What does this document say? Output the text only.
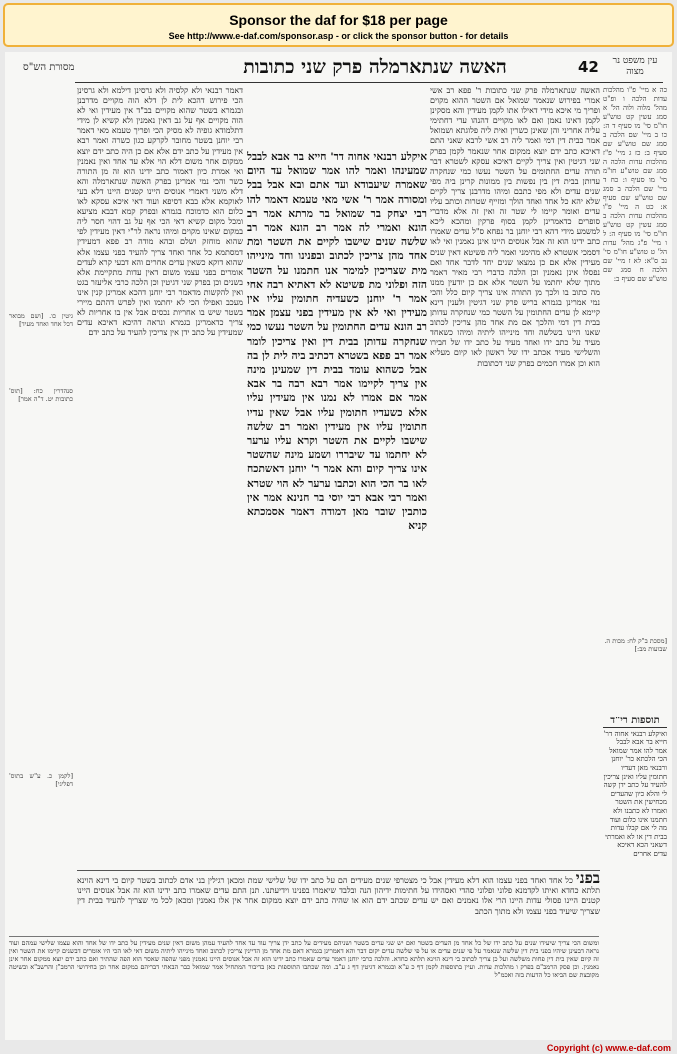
Sponsor the daf for $18 per page
See http://www.e-daf.com/sponsor.asp - or click the sponsor button - for details
42
האשה שנתארמלה פרק שני כתובות
מסורת הש"ס
עין משפט נר מצוה
האשה שנתארמלה פרק שני כתובות ר' פפא רב אשי אמרי בפירוש שנאמר שמואל אם השטר ההוא מקוים ופריך מי איכא מידי דאילו אתו לקמן מעידין והא מסקינן לקמן דאינו נאמן ואם לאו מקויים דהנהו עדי דחתימי עליה אחריני והן שאינן כשרין ואית ליה פלוגתא ושמואל אמר כבית דין דמי ואמר ליה רב אשי לרבא שאני התם דאיכא כתב ידם יוצא ממקום אחר שנאמר לקמן בפרק שני דגיטין ואין צריך לקיים דאיכא עסקא לשטרא דבר תורה עדים החתומים על השטר נעשו כמי שנחקרה עדותן בבית דין בין נפשות בין ממונות קרינן ביה מפי שנים עדים ולא מפי כתבם ומיהו מדרבנן צריך לקיים שלא יהא כל אחד ואחד הולך ומזייף שטרות וכותב עליו עדים ואומר קיימו לי שטר זה ואין זה אלא מדברי סופרים כדאמרינן לקמן בסוף פרקין ומהכא ליכא למשמע מידי דהא רבי יוחנן בר נפחא ס"ל עדים שאמרו כתב ידינו הוא זה אבל אנוסים היינו אינן נאמנין ואי לאו דסמכי אשטרא לא מהימני ואמר ליה פשיטא דאין שנים מעידין אלא אם כן נמצאו שנים יחד לדבר אחד ואם נפסלו אינן נאמנין וכן הלכה כדברי רבי מאיר דאמר מתוך שלא יחתמו על השטר אלא אם כן יודעין ממנו מה כתוב בו ולכך מן התורה אינו צריך קיום כלל והכי נמי אמרינן בגמרא בריש פרק שני דגיטין ולענין דינא קיימא לן עדים החתומין על השטר כמי שנחקרה עדותן בבית דין דמי והלכך אם מת אחד מהן צריכין לכתוב שאנו היינו בשלשה וחד מינייהו ליתיה ומיהו כשאחד מעיד על כתב ידו ואחד מעיד על כתב ידו של חבירו והשלישי מעיד אכתב ידו של ראשון לאו קיום מעליא הוא וכן אמרו חכמים בפרק שני דכתובות
איקלע רבנאי אחוה דר' חייא בר אבא לבבל שמעינהו ואמר להו אמר שמואל עד היום שאמרה שיעבודא ועד אתם ובא אבל בבל ומסורה אמר ר' אשי מאי טעמא דאמר להו רבי יצחק בר שמואל בר מרתא אמר רב הונא ואמרי לה אמר רב הונא אמר רב שלשה שנים שישבו לקיים את השטר ומת אחד מהן צריכין לכתוב ובפנינו וחד מינייהו מית שצריכין למימר אנו חתמנו על השטר הזה ופלוני מת פשיטא לא דאתיא רבה אחי אמר ר' יוחנן כשעדיה חתומין עליו אין מעידין ואי לא אין מעידין בפני עצמן אמר רב הונא עדים החתומין על השטר נעשו כמי שנחקרה עדותן בבית דין ואין צריכין לומר אמר רב פפא בשטרא דכתיב ביה לית לן בה אבל כשהוא עומד בבית דין שמעינן מינה אין צריך לקיימו אמר רבא רבה בר אבא אמר אם אמרו לא נמנו אין מעידין עליו אלא כשעדיו חתומין עליו אבל שאין עדיו חתומין עליו אין מעידין ואמר רב שלשה שישבו לקיים את השטר וקרא עליו ערער לא יחתמו עד שיבררו ושמע מינה שהשטר אינו צריך קיום והא אמר ר' יוחנן דאשתכח לאו בר הכי הוא וכתבו ערער לא הוי שטרא ואמר רבי אבא רבי יוסי בר חנינא אמר אין כותבין שובר מאן דמודה דאמר אסמכתא קניא
דאמר רבנאי ולא קלסיה ולא גרסינן דילמא ולא גרסינן הכי פירוש דהכא לית לן דלא הוה מקויים מדרבנן ובגמרא בשטר שהוא מקויים בב"ד אין מעידין ואי לא הוה מקויים אף על גב דאין נאמנין ולא קשיא לן מידי דתלמודא גופיה לא מסיק הכי ופריך טעמא מאי דאמר רבי יוחנן בשטר מחובר לקרקע כגון כשרה ואמר רבא אין מעידין על כתב ידם אלא אם כן היה כתב ידם יוצא ממקום אחר משום דלא הוי אלא עד אחד ואין נאמנין ואי אמרת כיון דאמור כתב ידינו הוא זה מן התורה כשר והכי נמי אמרינן בפרק האשה שנתארמלה והא דלא משני דאמרי אנוסים היינו קטנים היינו דלא בעי לאוקמא אלא בבא דסיפא ועוד דאי איכא עסקא לאו כלום הוא כדמוכח בגמרא ובפרק קמא דבבא מציעא ומכל מקום קשיא דאי הכי אף על גב דהוי חסר ליה במקום שאינו מקוים ומיהו נראה לר"י דאין מעידין לפי שהוא מוחזק ושלם ובהא מודה רב פפא דמעידין דמסתמא כל אחד ואחד צריך להעיד בפני עצמו אלא שהוא דוקא כשאין עדים אחרים והא דבעי קרא לעדים אומרים בפני עצמו משום דאין עדות מתקיימת אלא בשנים וכן בפרק שני דגיטין וכן הלכה כרבי אליעזר בגט ואין להקשות מדאמר רבי יוחנן דהכא אמרינן קנין אינו מעכב ואפילו הכי לא יחתמו ואין לפרש דהתם מיירי בשטר שיש בו אחריות נכסים אבל אין בו אחריות לא צריך כדאמרינן בגמרא ונראה דהיכא דאיכא עדים שמעידין על כתב ידן אין צריכין להעיד על כתב ידם
כה א מיי' פ"ו מהלכות עדות הלכה ו ופ"ט מהל' מלוה ולוה הל' א סמג עשין קט טוש"ע חו"מ סי' מו סעיף ד ה: כו ב מיי' שם הלכה ב סמג שם טוש"ע שם סעיף ב: כז ג מיי' פ"ז מהלכות עדות הלכה ה סמג שם טוש"ע חו"מ סי' מו סעיף ו: כח ד מיי' שם הלכה ב סמג שם טוש"ע שם סעיף א: כט ה מיי' פ"ו מהלכות עדות הלכה ב סמג עשין קט טוש"ע חו"מ סי' מו סעיף ה: ל ו מיי' פ"ג מהל' עדות הל' ט טוש"ע חו"מ סי' נב ס"א: לא ז מיי' שם הלכה ח סמג שם טוש"ע שם סעיף ב:
גיטין כו. [ושם מבואר דכל אחד ואחד מעיד]
סנהדרין כח: [תוס' כתובות יט. ד"ה אמר]
[לקמן כ. ע"ש בתוס' דפליגי]
[מסכת ב"ק לח: מכות ה. שבועות מב:]
תוספות רי"ד
ואיקלע רבנאי אחוה דר' חייא בר אבא לבבל אמר להו אמר שמואל הכי הלכתא כר' יוחנן ורבנאי מאן דעדיו חתומין עליו ואינן צריכין להעיד על כתב ידן קשה לי והלא כיון שהעדים מכחישין את השטר ואמרו לא כתבנו ולא חתמנו אינו כלום ועוד מה לי אם קבלו עדות בבית דין או לא ואמרתי דשאני הכא דאיכא עדים אחרים
בפני כל אחד ואחד בפני עצמו הוא דלא מעידין אבל כי מצטרפי שנים מעידים הם על כתב ידו של שלישי שמת ומכאן רגילין בני אדם לכתוב בשטר קיום בי דינא הוינא תלתא כחדא ואיתו לקדמנא פלוני ופלוני סהדי ואסהידו על חתימות ידיהון הנה ובלבד שיאמרו בפנינו וידיעתנו. תנן התם עדים שאמרו כתב ידינו הוא זה אבל אנוסים היינו קטנים היינו פסולי עדות היינו הרי אלו נאמנים ואם יש עדים שכתב ידם הוא או שהיה כתב ידם יוצא ממקום אחר אין אלו נאמנין ומכאן לכל מי שצריך להעיד בבית דין שצריך שיעיד בפני עצמו ולא מתוך הכתב
ומשום הכי צריך שיעידו שנים על כתב ידו של כל אחד מן העדים בשטר ואם יש שני עדים בשטר ושניהם מעידים על כתב ידן צריך עוד עד אחד להעיד עמהן משום דאין שנים מעידין על כתב ידו של אחד והוא עצמו שלישי עמהם ועוד נראה דבעינן שיהיו בפני בית דין שלשה שנאמר על פי שנים עדים או על פי שלשה עדים יקום דבר והא דאמרינן בגמרא דאם מת אחד מן הדיינין צריכין לכתוב ואחד מינייהו ליתיה משום דאי לאו הכי היו אומרים דבשנים קיימו את השטר ואין זה קיום שאין בית דין פחות משלשה ועל כן צריך לכתוב בי דינא הוינא תלתא כחדא. והלכה כרבי יוחנן דאמר עדים שאמרו כתב ידינו הוא זה אבל אנוסים היינו נאמנין מפני שהפה שאסר הוא הפה שהתיר ואם כתב ידם יוצא ממקום אחר אינן נאמנין. וכן פסק הרמב"ם בפרק ו מהלכות עדות. ועיין בתוספות לקמן דף כ ע"א ובגמרא דגיטין דף ג ע"ב. ומה שכתבו התוספות כאן בדיבור המתחיל אמר שמואל כבר הבאתי דבריהם במקום אחר וכן בחידושי הרמב"ן והרשב"א ובשיטה מקובצת שם הביאו כל הדעות בזה ואכמ"ל
Copyright (c) www.e-daf.com
